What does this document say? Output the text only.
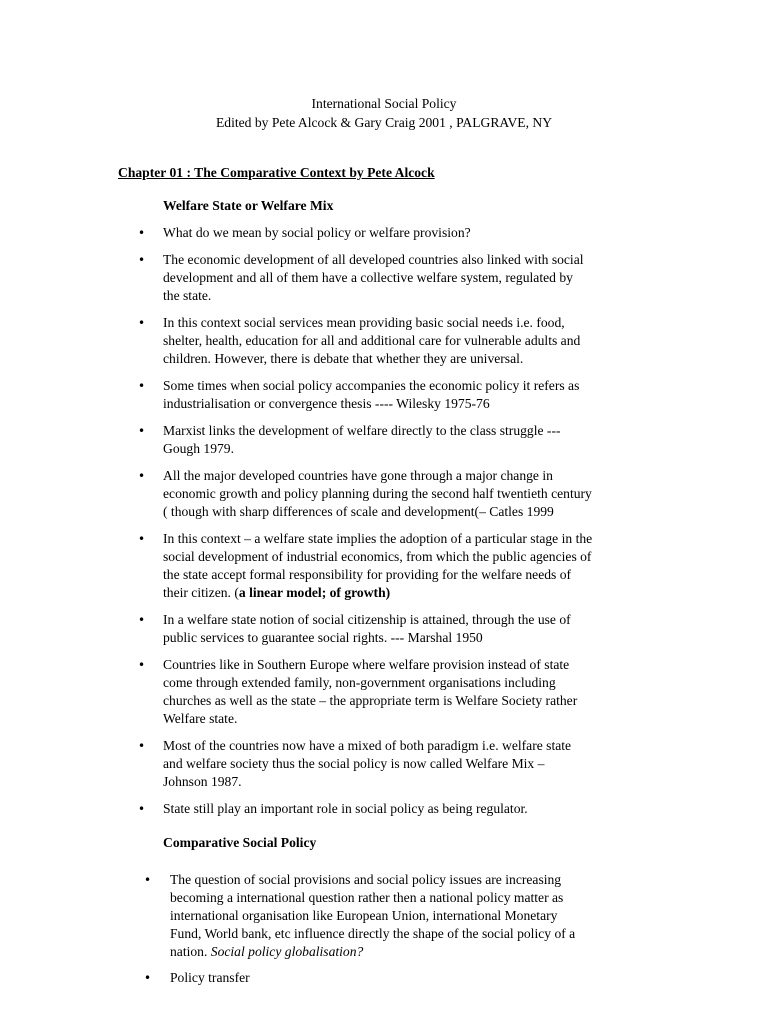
International Social Policy
Edited by Pete Alcock & Gary Craig 2001 , PALGRAVE, NY
Chapter 01 : The Comparative Context by Pete Alcock
Welfare State or Welfare Mix
• What do we mean by social policy or welfare provision?
• The economic development of all developed countries also linked with social
development and all of them have a collective welfare system, regulated by
the state.
• In this context social services mean providing basic social needs i.e. food,
shelter, health, education for all and additional care for vulnerable adults and
children. However, there is debate that whether they are universal.
• Some times when social policy accompanies the economic policy it refers as
industrialisation or convergence thesis ---- Wilesky 1975-76
• Marxist links the development of welfare directly to the class struggle ---
Gough 1979.
• All the major developed countries have gone through a major change in
economic growth and policy planning during the second half twentieth century
( though with sharp differences of scale and development(– Catles 1999
• In this context – a welfare state implies the adoption of a particular stage in the
social development of industrial economics, from which the public agencies of
the state accept formal responsibility for providing for the welfare needs of
their citizen. (a linear model; of growth)
• In a welfare state notion of social citizenship is attained, through the use of
public services to guarantee social rights. --- Marshal 1950
• Countries like in Southern Europe where welfare provision instead of state
come through extended family, non-government organisations including
churches as well as the state – the appropriate term is Welfare Society rather
Welfare state.
• Most of the countries now have a mixed of both paradigm i.e. welfare state
and welfare society thus the social policy is now called Welfare Mix –
Johnson 1987.
• State still play an important role in social policy as being regulator.
Comparative Social Policy
• The question of social provisions and social policy issues are increasing
becoming a international question rather then a national policy matter as
international organisation like European Union, international Monetary
Fund, World bank, etc influence directly the shape of the social policy of a
nation. Social policy globalisation?
• Policy transfer
